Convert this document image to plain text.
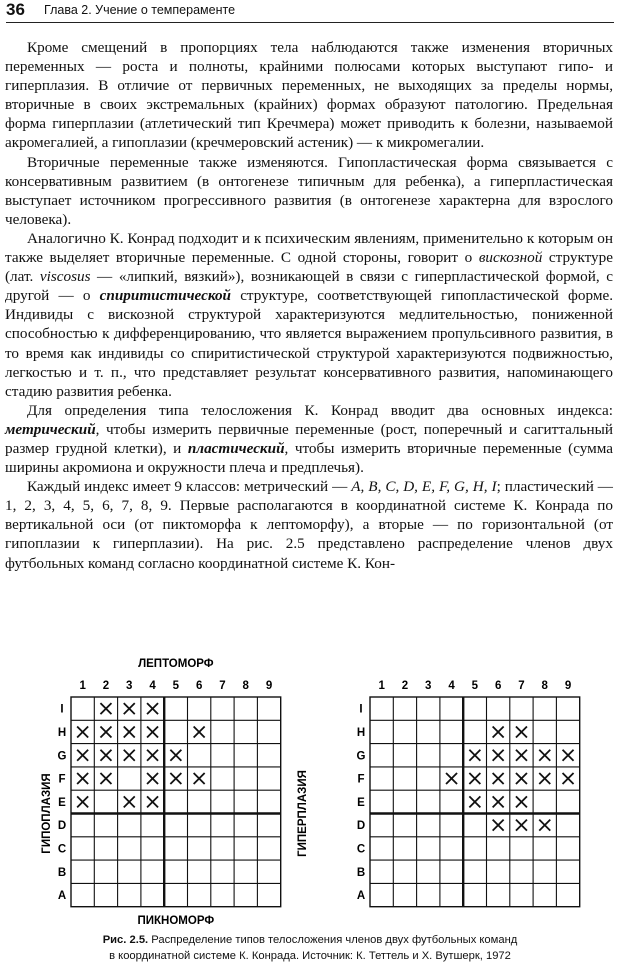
36 Глава 2. Учение о темпераменте

Кроме смещений в пропорциях тела наблюдаются также изменения вторичных переменных — роста и полноты, крайними полюсами которых выступают гипо- и гиперплазия. В отличие от первичных переменных, не выходящих за пределы нормы, вторичные в своих экстремальных (крайних) формах образуют патологию. Предельная форма гиперплазии (атлетический тип Кречмера) может приводить к болезни, называемой акромегалией, а гипоплазии (кречмеровский астеник) — к микромегалии.

Вторичные переменные также изменяются. Гипопластическая форма связывается с консервативным развитием (в онтогенезе типичным для ребенка), а гиперпластическая выступает источником прогрессивного развития (в онтогенезе характерна для взрослого человека).

Аналогично К. Конрад подходит и к психическим явлениям, применительно к которым он также выделяет вторичные переменные. С одной стороны, говорит о вискозной структуре (лат. viscosus — «липкий, вязкий»), возникающей в связи с гиперпластической формой, с другой — о спиритистической структуре, соответствующей гипопластической форме. Индивиды с вискозной структурой характеризуются медлительностью, пониженной способностью к дифференцированию, что является выражением пропульсивного развития, в то время как индивиды со спиритистической структурой характеризуются подвижностью, легкостью и т. п., что представляет результат консервативного развития, напоминающего стадию развития ребенка.

Для определения типа телосложения К. Конрад вводит два основных индекса: метрический, чтобы измерить первичные переменные (рост, поперечный и сагиттальный размер грудной клетки), и пластический, чтобы измерить вторичные переменные (сумма ширины акромиона и окружности плеча и предплечья).

Каждый индекс имеет 9 классов: метрический — A, B, C, D, E, F, G, H, I; пластический — 1, 2, 3, 4, 5, 6, 7, 8, 9. Первые располагаются в координатной системе К. Конрада по вертикальной оси (от пиктоморфа к лептоморфу), а вторые — по горизонтальной (от гипоплазии к гиперплазии). На рис. 2.5 представлено распределение членов двух футбольных команд согласно координатной системе К. Кон-

1 2 3 4 5 6 7 8 9
I
H
G
F
E
D
C
B
A
1 2 3 4 5 6 7 8 9
I
H
G
F
E
D
C
B
A
ЛЕПТОМОРФ
ПИКНОМОРФ
ГИПОПЛАЗИЯ	ГИПЕРПЛАЗИЯ
Рис. 2.5. Распределение типов телосложения членов двух футбольных команд
в координатной системе К. Конрада. Источник: К. Теттель и Х. Вутшерк, 1972
